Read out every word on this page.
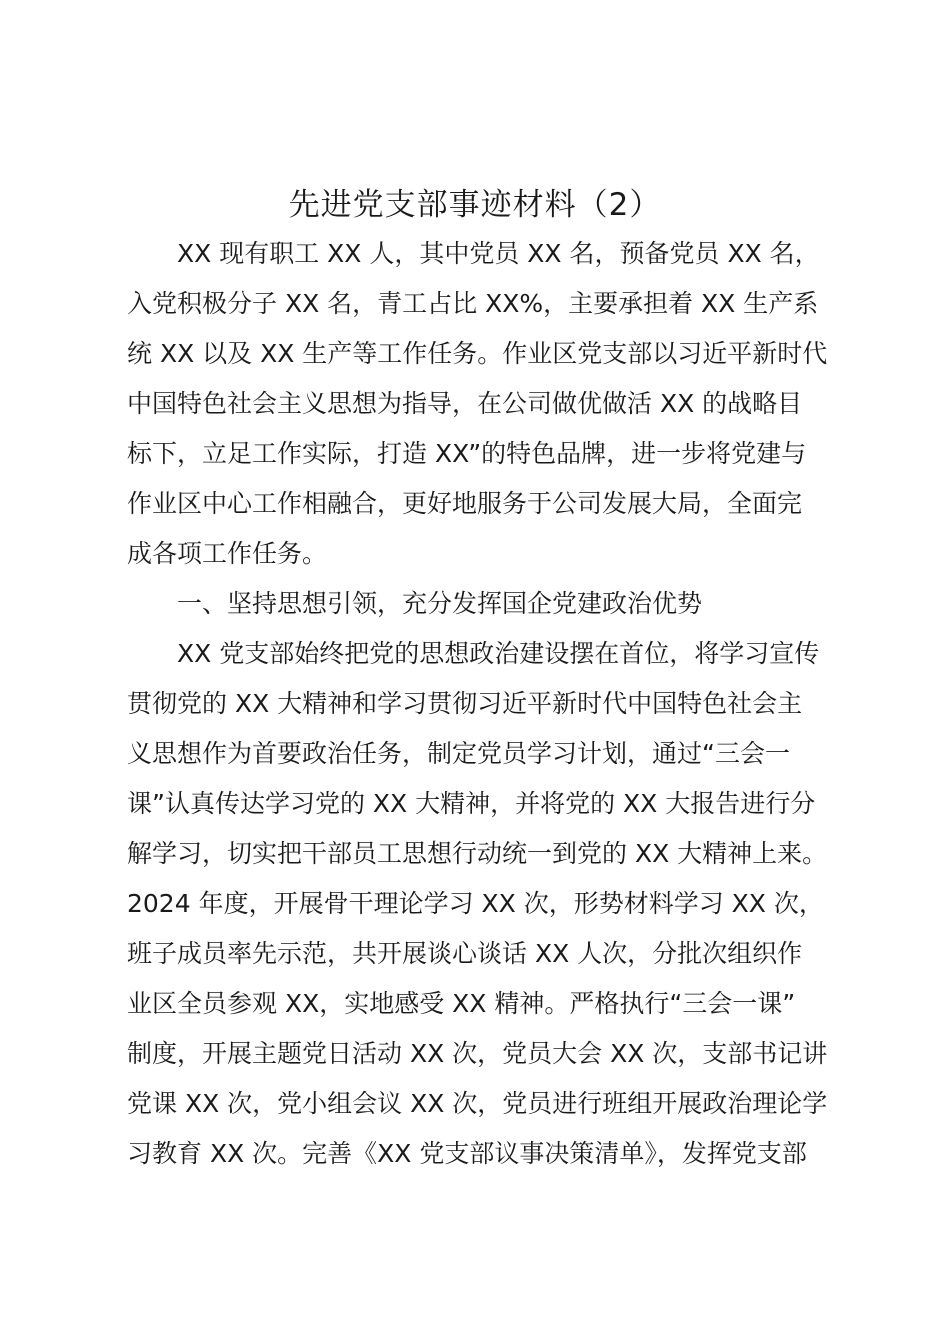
先进党支部事迹材料（2）
XX 现有职工 XX 人，其中党员 XX 名，预备党员 XX 名，
入党积极分子 XX 名，青工占比 XX%，主要承担着 XX 生产系
统 XX 以及 XX 生产等工作任务。作业区党支部以习近平新时代
中国特色社会主义思想为指导，在公司做优做活 XX 的战略目
标下，立足工作实际，打造 XX”的特色品牌，进一步将党建与
作业区中心工作相融合，更好地服务于公司发展大局，全面完
成各项工作任务。
一、坚持思想引领，充分发挥国企党建政治优势
XX 党支部始终把党的思想政治建设摆在首位，将学习宣传
贯彻党的 XX 大精神和学习贯彻习近平新时代中国特色社会主
义思想作为首要政治任务，制定党员学习计划，通过“三会一
课”认真传达学习党的 XX 大精神，并将党的 XX 大报告进行分
解学习，切实把干部员工思想行动统一到党的 XX 大精神上来。
2024 年度，开展骨干理论学习 XX 次，形势材料学习 XX 次，
班子成员率先示范，共开展谈心谈话 XX 人次，分批次组织作
业区全员参观 XX，实地感受 XX 精神。严格执行“三会一课”
制度，开展主题党日活动 XX 次，党员大会 XX 次，支部书记讲
党课 XX 次，党小组会议 XX 次，党员进行班组开展政治理论学
习教育 XX 次。完善《XX 党支部议事决策清单》，发挥党支部
